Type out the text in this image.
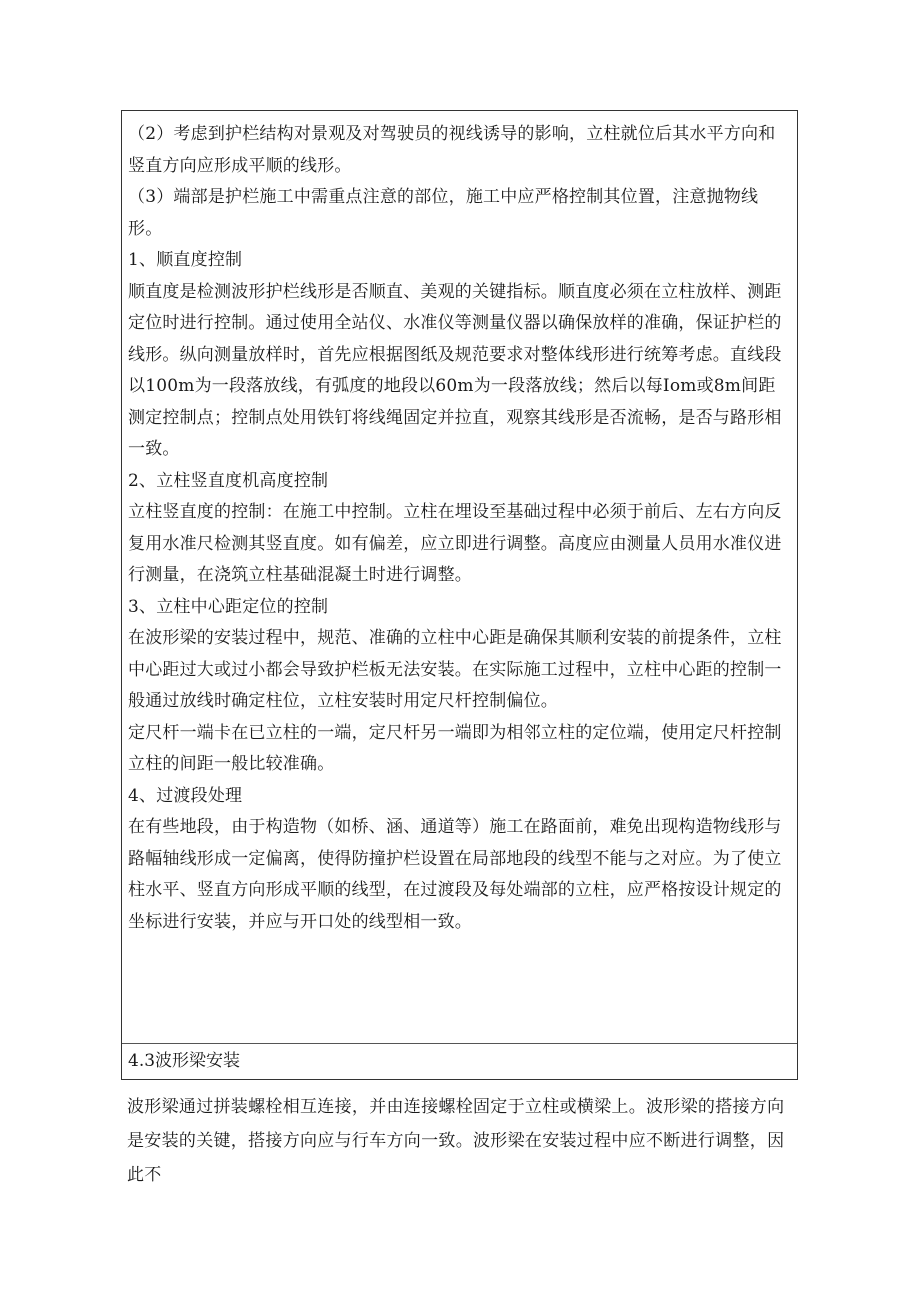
（2）考虑到护栏结构对景观及对驾驶员的视线诱导的影响，立柱就位后其水平方向和竖直方向应形成平顺的线形。

（3）端部是护栏施工中需重点注意的部位，施工中应严格控制其位置，注意抛物线形。

1、顺直度控制

顺直度是检测波形护栏线形是否顺直、美观的关键指标。顺直度必须在立柱放样、测距定位时进行控制。通过使用全站仪、水准仪等测量仪器以确保放样的准确，保证护栏的线形。纵向测量放样时，首先应根据图纸及规范要求对整体线形进行统筹考虑。直线段以100m为一段落放线，有弧度的地段以60m为一段落放线；然后以每Iom或8m间距测定控制点；控制点处用铁钉将线绳固定并拉直，观察其线形是否流畅，是否与路形相一致。

2、立柱竖直度机高度控制

立柱竖直度的控制：在施工中控制。立柱在埋设至基础过程中必须于前后、左右方向反复用水准尺检测其竖直度。如有偏差，应立即进行调整。高度应由测量人员用水准仪进行测量，在浇筑立柱基础混凝土时进行调整。

3、立柱中心距定位的控制

在波形梁的安装过程中，规范、准确的立柱中心距是确保其顺利安装的前提条件，立柱中心距过大或过小都会导致护栏板无法安装。在实际施工过程中，立柱中心距的控制一般通过放线时确定柱位，立柱安装时用定尺杆控制偏位。

定尺杆一端卡在已立柱的一端，定尺杆另一端即为相邻立柱的定位端，使用定尺杆控制立柱的间距一般比较准确。

4、过渡段处理

在有些地段，由于构造物（如桥、涵、通道等）施工在路面前，难免出现构造物线形与路幅轴线形成一定偏离，使得防撞护栏设置在局部地段的线型不能与之对应。为了使立柱水平、竖直方向形成平顺的线型，在过渡段及每处端部的立柱，应严格按设计规定的坐标进行安装，并应与开口处的线型相一致。

4.3波形梁安装

波形梁通过拼装螺栓相互连接，并由连接螺栓固定于立柱或横梁上。波形梁的搭接方向是安装的关键，搭接方向应与行车方向一致。波形梁在安装过程中应不断进行调整，因此不
